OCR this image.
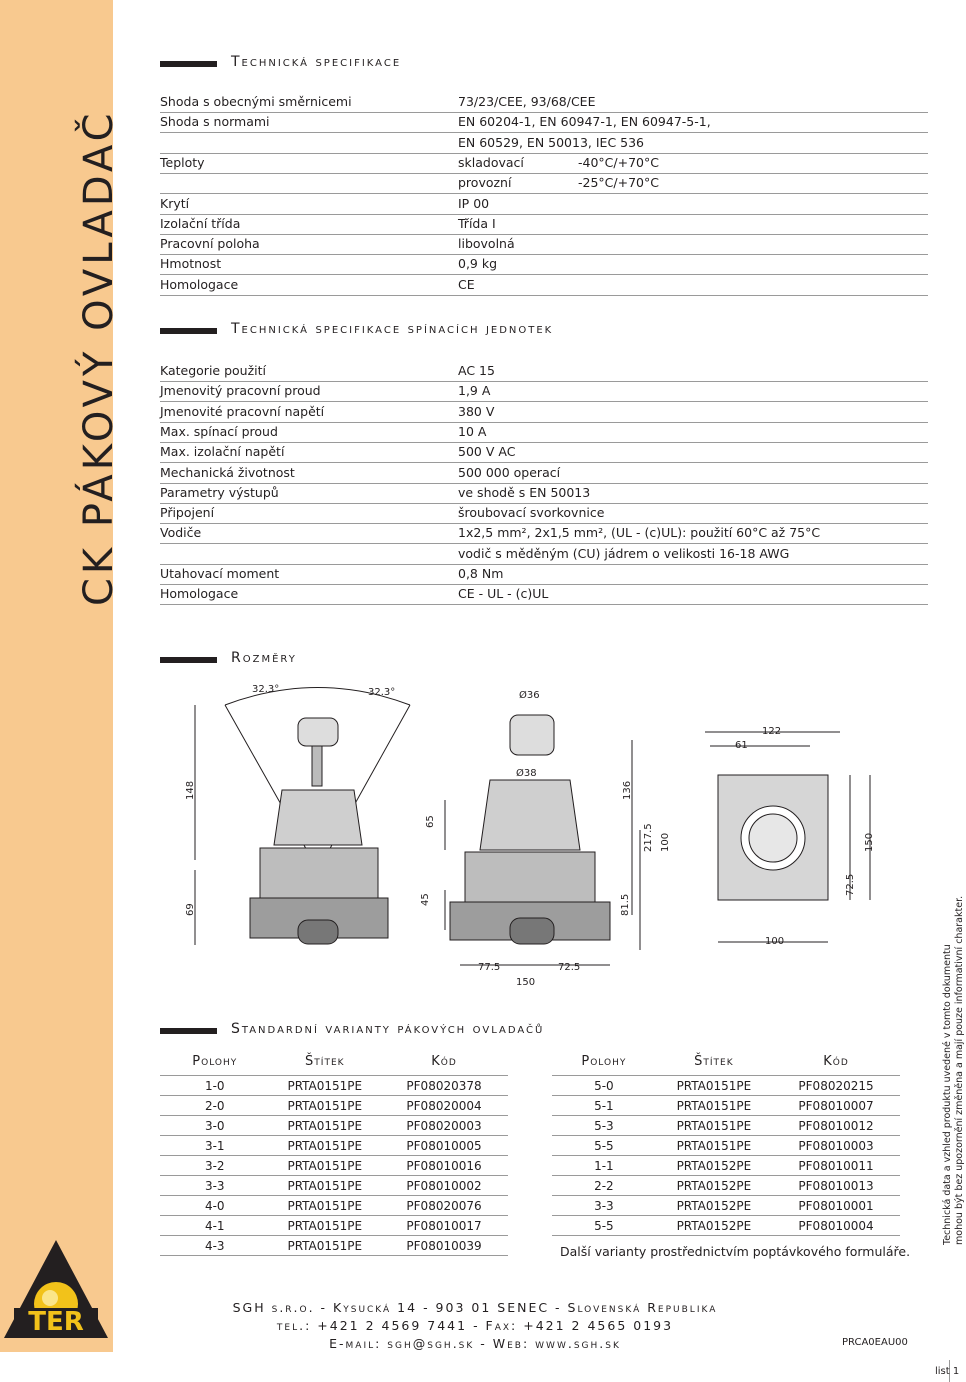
CK PÁKOVÝ OVLADAČ
TER
Technická specifikace
Shoda s obecnými směrnicemi	73/23/CEE, 93/68/CEE
Shoda s normami	EN 60204-1, EN 60947-1, EN 60947-5-1,
EN 60529, EN 50013, IEC 536
Teploty	skladovací	-40°C/+70°C
provozní	-25°C/+70°C
Krytí	IP 00
Izolační třída	Třída I
Pracovní poloha	libovolná
Hmotnost	0,9 kg
Homologace	CE
Technická specifikace spínacích jednotek
Kategorie použití	AC 15
Jmenovitý pracovní proud	1,9 A
Jmenovité pracovní napětí	380 V
Max. spínací proud	10 A
Max. izolační napětí	500 V AC
Mechanická životnost	500 000 operací
Parametry výstupů	ve shodě s EN 50013
Připojení	šroubovací svorkovnice
Vodiče	1x2,5 mm², 2x1,5 mm², (UL - (c)UL): použití 60°C až 75°C
vodič s měděným (CU) jádrem o velikosti 16-18 AWG
Utahovací moment	0,8 Nm
Homologace	CE - UL - (c)UL
Rozměry
32.3°	32.3°	Ø36
Ø38
77.5	72.5
150
122
61
100
148
69
65
45
136
217.5
81.5
100	150
72.5
Standardní varianty pákových ovladačů
Polohy	Štítek	Kód
1-0	PRTA0151PE	PF08020378
2-0	PRTA0151PE	PF08020004
3-0	PRTA0151PE	PF08020003
3-1	PRTA0151PE	PF08010005
3-2	PRTA0151PE	PF08010016
3-3	PRTA0151PE	PF08010002
4-0	PRTA0151PE	PF08020076
4-1	PRTA0151PE	PF08010017
4-3	PRTA0151PE	PF08010039
Polohy	Štítek	Kód
5-0	PRTA0151PE	PF08020215
5-1	PRTA0151PE	PF08010007
5-3	PRTA0151PE	PF08010012
5-5	PRTA0151PE	PF08010003
1-1	PRTA0152PE	PF08010011
2-2	PRTA0152PE	PF08010013
3-3	PRTA0152PE	PF08010001
5-5	PRTA0152PE	PF08010004
Další varianty prostřednictvím poptávkového formuláře.
Technická data a vzhled produktu uvedené v tomto dokumentu mohou být bez upozornění změněna a mají pouze informativní charakter.
SGH s.r.o. - Kysucká 14 - 903 01 SENEC - Slovenská Republika
tel.: +421 2 4569 7441 - Fax: +421 2 4565 0193
E-mail: sgh@sgh.sk - Web: www.sgh.sk	PRCA0EAU00
list 1
